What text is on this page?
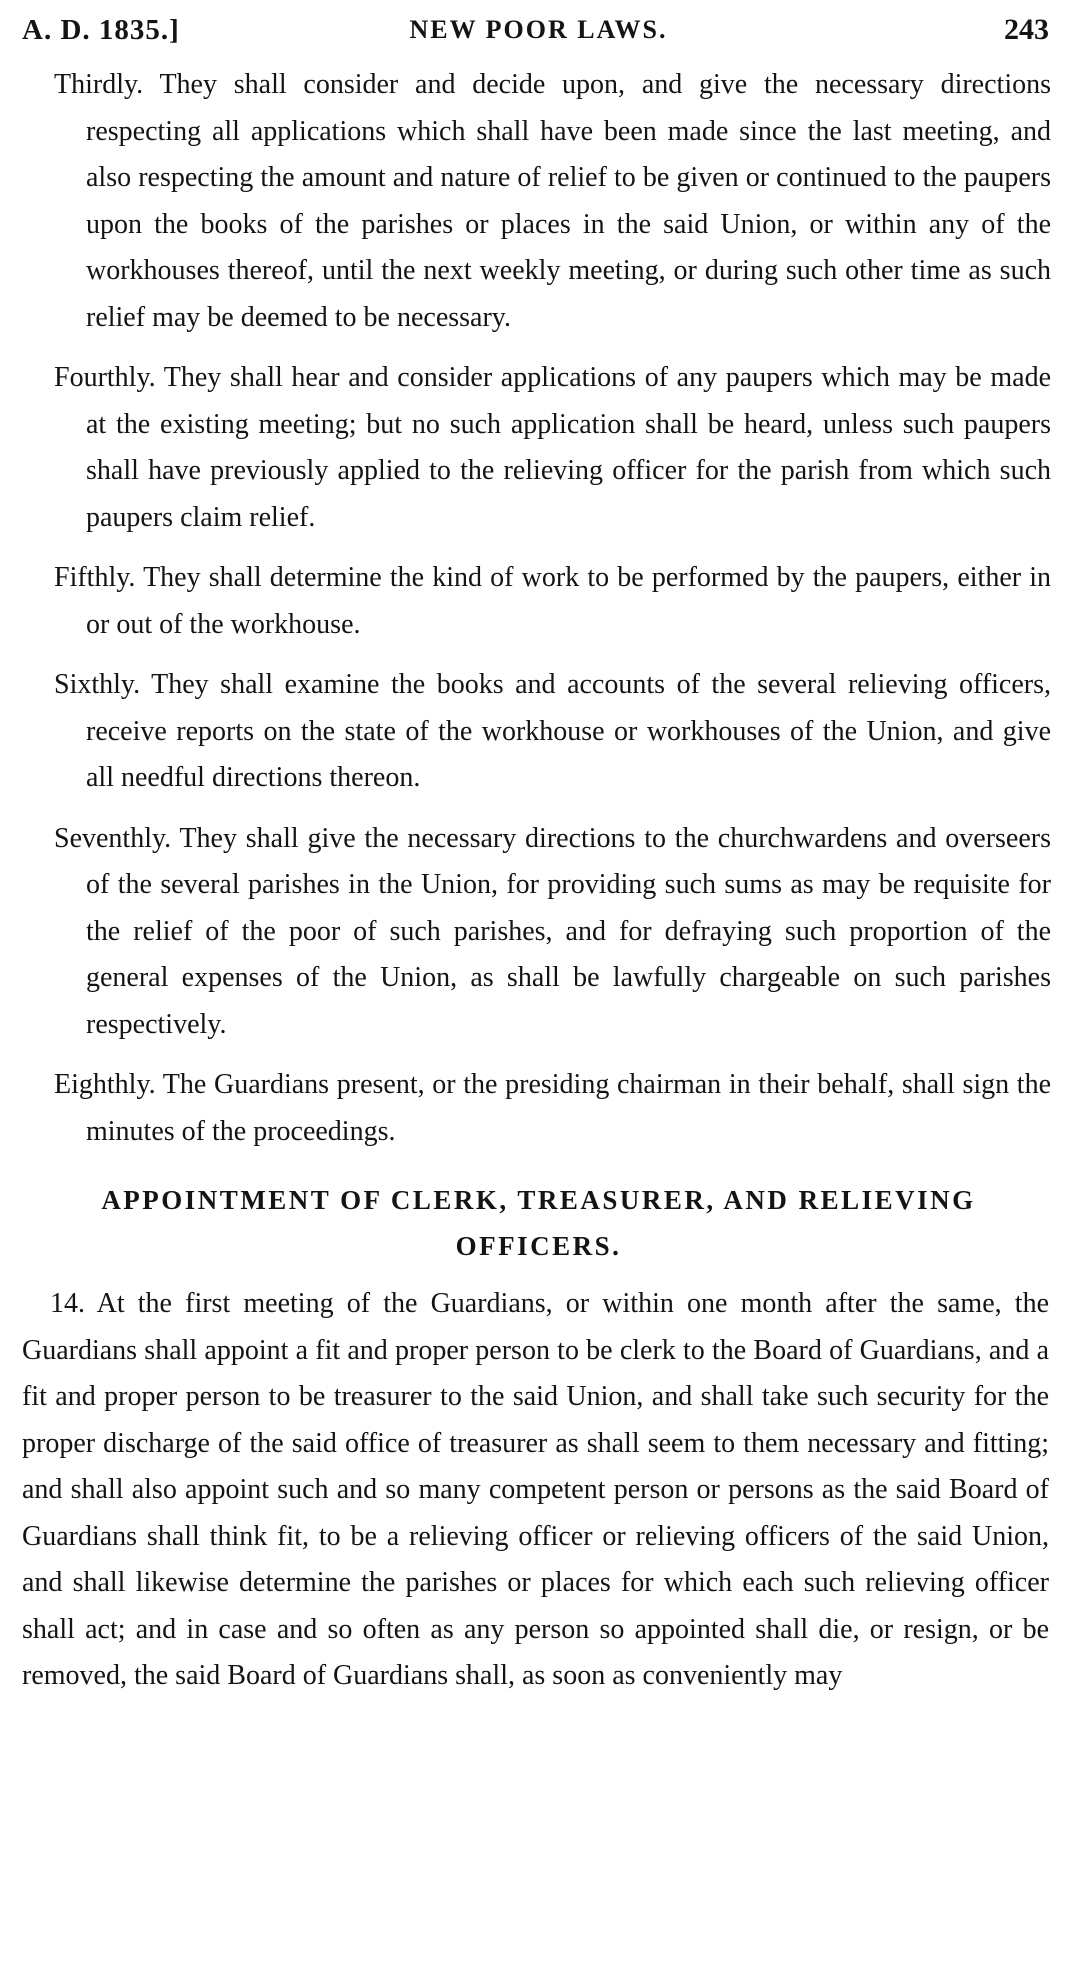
A. D. 1835.]	NEW POOR LAWS.	243

Thirdly. They shall consider and decide upon, and give the necessary directions respecting all applications which shall have been made since the last meeting, and also respecting the amount and nature of relief to be given or continued to the paupers upon the books of the parishes or places in the said Union, or within any of the workhouses thereof, until the next weekly meeting, or during such other time as such relief may be deemed to be necessary.

Fourthly. They shall hear and consider applications of any paupers which may be made at the existing meeting; but no such application shall be heard, unless such paupers shall have previously applied to the relieving officer for the parish from which such paupers claim relief.

Fifthly. They shall determine the kind of work to be performed by the paupers, either in or out of the workhouse.

Sixthly. They shall examine the books and accounts of the several relieving officers, receive reports on the state of the workhouse or workhouses of the Union, and give all needful directions thereon.

Seventhly. They shall give the necessary directions to the churchwardens and overseers of the several parishes in the Union, for providing such sums as may be requisite for the relief of the poor of such parishes, and for defraying such proportion of the general expenses of the Union, as shall be lawfully chargeable on such parishes respectively.

Eighthly. The Guardians present, or the presiding chairman in their behalf, shall sign the minutes of the proceedings.

APPOINTMENT OF CLERK, TREASURER, AND RELIEVING
OFFICERS.

14. At the first meeting of the Guardians, or within one month after the same, the Guardians shall appoint a fit and proper person to be clerk to the Board of Guardians, and a fit and proper person to be treasurer to the said Union, and shall take such security for the proper discharge of the said office of treasurer as shall seem to them necessary and fitting; and shall also appoint such and so many competent person or persons as the said Board of Guardians shall think fit, to be a relieving officer or relieving officers of the said Union, and shall likewise determine the parishes or places for which each such relieving officer shall act; and in case and so often as any person so appointed shall die, or resign, or be removed, the said Board of Guardians shall, as soon as conveniently may
